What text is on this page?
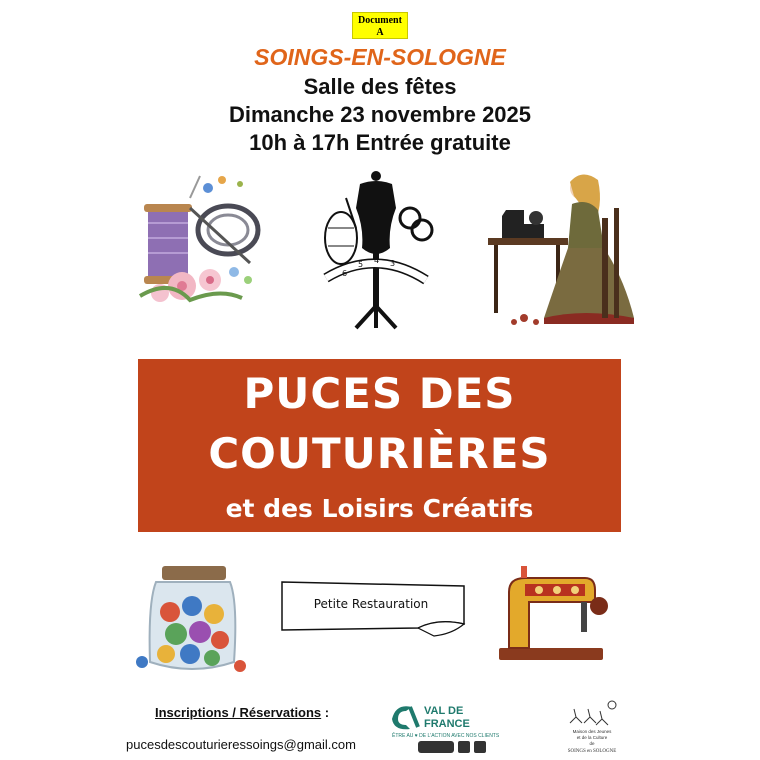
Document
A
SOINGS-EN-SOLOGNE
Salle des fêtes
Dimanche 23 novembre 2025
10h à 17h Entrée gratuite
6
5 4 3
PUCES DES
COUTURIÈRES
et des Loisirs Créatifs
Petite Restauration
Inscriptions / Réservations :
pucesdescouturieressoings@gmail.com
VAL DE
FRANCE
ÊTRE AU ♥ DE L'ACTION AVEC NOS CLIENTS
Maison des Jeunes
et de la Culture
de
SOINGS en SOLOGNE
